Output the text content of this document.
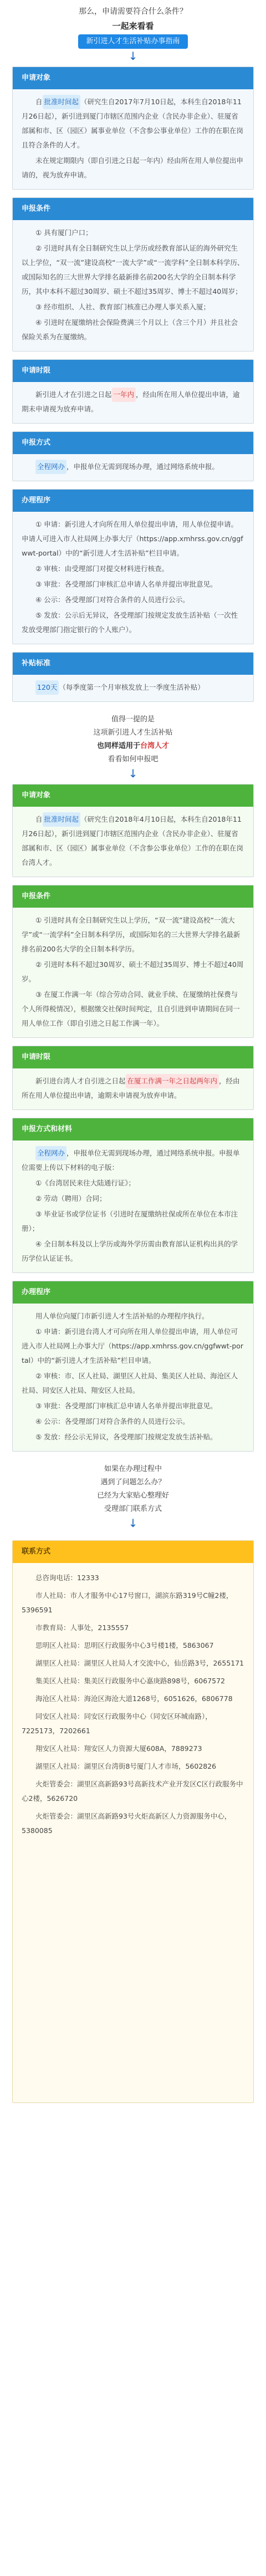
那么，申请需要符合什么条件？
一起来看看
新引进人才生活补贴办事指南
↓
申请对象
自 批准时间起 （研究生自2017年7月10日起，本科生自2018年11月26日起），新引进到厦门市辖区范围内企业（含民办非企业）、驻厦省部属和市、区（园区）属事业单位（不含参公事业单位）工作的在职在岗且符合条件的人才。
未在规定期限内（即自引进之日起一年内）经由所在用人单位提出申请的，视为放弃申请。
申报条件
① 具有厦门户口；
② 引进时具有全日制研究生以上学历或经教育部认证的海外研究生以上学位，“双一流”建设高校“一流大学”或“一流学科”全日制本科学历、或国际知名的三大世界大学排名最新排名前200名大学的全日制本科学历，其中本科不超过30周岁、硕士不超过35周岁、博士不超过40周岁；
③ 经市组织、人社、教育部门核准已办理人事关系入厦；
④ 引进时在厦缴纳社会保险费满三个月以上（含三个月）并且社会保险关系为在厦缴纳。
申请时限
新引进人才在引进之日起 一年内 ，经由所在用人单位提出申请，逾期未申请视为放弃申请。
申报方式
全程网办 ，申报单位无需到现场办理，通过网络系统申报。
办理程序
① 申请：新引进人才向所在用人单位提出申请，用人单位提申请。申请人可进入市人社局网上办事大厅（https://app.xmhrss.gov.cn/ggfwwt-portal）中的“新引进人才生活补贴”栏目申请。
② 审核：由受理部门对提交材料进行核查。
③ 审批：各受理部门审核汇总申请人名单并提出审批意见。
④ 公示：各受理部门对符合条件的人员进行公示。
⑤ 发放：公示后无异议，各受理部门按规定发放生活补贴（一次性发放受理部门指定银行的个人账户）。
补贴标准
120天 （每季度第一个月审核发放上一季度生活补贴）
值得一提的是
这项新引进人才生活补贴
也同样适用于台湾人才
看看如何申报吧
↓
申请对象
自 批准时间起 （研究生自2018年4月10日起，本科生自2018年11月26日起），新引进到厦门市辖区范围内企业（含民办非企业）、驻厦省部属和市、区（园区）属事业单位（不含参公事业单位）工作的在职在岗台湾人才。
申报条件
① 引进时具有全日制研究生以上学历，“双一流”建设高校“一流大学”或“一流学科”全日制本科学历，或国际知名的三大世界大学排名最新排名前200名大学的全日制本科学历。
② 引进时本科不超过30周岁、硕士不超过35周岁、博士不超过40周岁。
③ 在厦工作满一年（综合劳动合同、就业手续、在厦缴纳社保费与个人所得税情况），根据缴交社保时间判定，且自引进到申请期间在同一用人单位工作（即自引进之日起工作满一年）。
申请时限
新引进台湾人才自引进之日起 在厦工作满一年之日起两年内 ，经由所在用人单位提出申请，逾期未申请视为放弃申请。
申报方式和材料
全程网办 ，申报单位无需到现场办理，通过网络系统申报。申报单位需要上传以下材料的电子版：
①《台湾居民来往大陆通行证》；
② 劳动（聘用）合同；
③ 毕业证书或学位证书（引进时在厦缴纳社保或所在单位在本市注册）；
④ 全日制本科及以上学历或海外学历需由教育部认证机构出具的学历学位认证证书。
办理程序
用人单位向厦门市新引进人才生活补贴的办理程序执行。
① 申请：新引进台湾人才可向所在用人单位提出申请，用人单位可进入市人社局网上办事大厅（https://app.xmhrss.gov.cn/ggfwwt-portal）中的“新引进人才生活补贴”栏目申请。
② 审核：市、区人社局、湖里区人社局、集美区人社局、海沧区人社局、同安区人社局、翔安区人社局。
③ 审批：各受理部门审核汇总申请人名单并提出审批意见。
④ 公示：各受理部门对符合条件的人员进行公示。
⑤ 发放：经公示无异议，各受理部门按规定发放生活补贴。
如果在办理过程中
遇到了问题怎么办？
已经为大家贴心整理好
受理部门联系方式
↓
联系方式
总咨询电话：12333
市人社局：市人才服务中心17号窗口，湖滨东路319号C幢2楼，5396591
市教育局：人事处，2135557
思明区人社局：思明区行政服务中心3号楼1楼，5863067
湖里区人社局：湖里区人社局人才交流中心，仙岳路3号，2655171
集美区人社局：集美区行政服务中心嘉庚路898号，6067572
海沧区人社局：海沧区海沧大道1268号，6051626，6806778
同安区人社局：同安区行政服务中心（同安区环城南路），7225173，7202661
翔安区人社局：翔安区人力资源大厦608A，7889273
湖里区人社局：湖里区台湾街8号厦门人才市场，5602826
火炬管委会：湖里区高新路93号高新技术产业开发区C区行政服务中心2楼，5626720
火炬管委会：湖里区高新路93号火炬高新区人力资源服务中心，5380085
